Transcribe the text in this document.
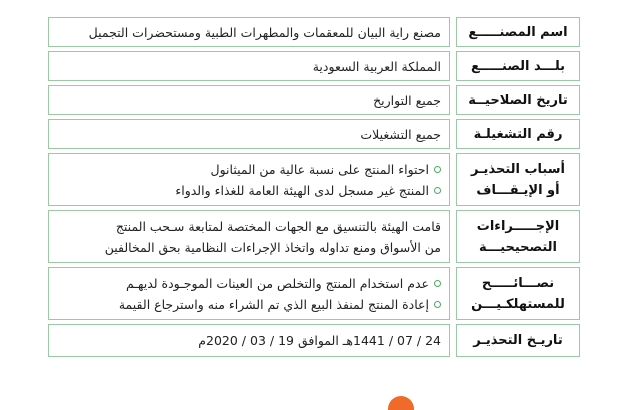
اسم المصنـــــع
مصنع راية البيان للمعقمات والمطهرات الطبية ومستحضرات التجميل
بلـــد الصنـــــع
المملكة العربية السعودية
تاريخ الصلاحيــة
جميع التواريخ
رقم التشغيلـة
جميع التشغيلات
أسباب التحذيـر
أو الإيـقـــاف
احتواء المنتج على نسبة عالية من الميثانول
المنتج غير مسجل لدى الهيئة العامة للغذاء والدواء
الإجـــــراءات
التصحيحيـــة
قامت الهيئة بالتنسيق مع الجهات المختصة لمتابعة سـحب المنتج
من الأسواق ومنع تداوله واتخاذ الإجراءات النظامية بحق المخالفين
نصـــائـــــح
للمستهلكـيـــن
عدم استخدام المنتج والتخلص من العينات الموجـودة لديهـم
إعادة المنتج لمنفذ البيع الذي تم الشراء منه واسترجاع القيمة
تاريـخ التحذيـر
24 / 07 / 1441هـ الموافق 19 / 03 / 2020م
